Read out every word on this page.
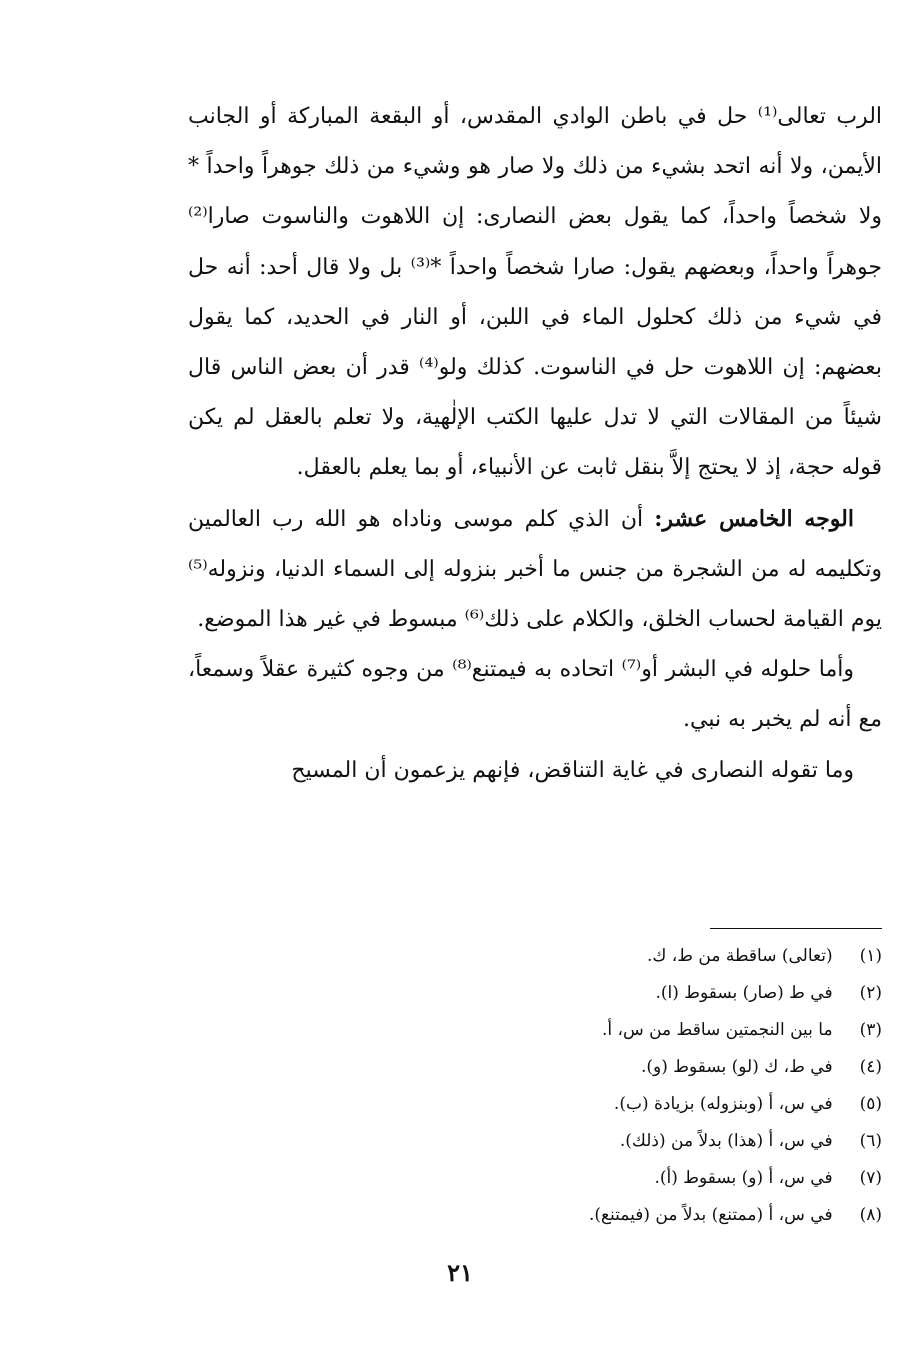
الرب تعالى⁽¹⁾ حل في باطن الوادي المقدس، أو البقعة المباركة أو الجانب الأيمن، ولا أنه اتحد بشيء من ذلك ولا صار هو وشيء من ذلك جوهراً واحداً * ولا شخصاً واحداً، كما يقول بعض النصارى: إن اللاهوت والناسوت صارا⁽²⁾ جوهراً واحداً، وبعضهم يقول: صارا شخصاً واحداً *⁽³⁾ بل ولا قال أحد: أنه حل في شيء من ذلك كحلول الماء في اللبن، أو النار في الحديد، كما يقول بعضهم: إن اللاهوت حل في الناسوت. كذلك ولو⁽⁴⁾ قدر أن بعض الناس قال شيئاً من المقالات التي لا تدل عليها الكتب الإلٰهية، ولا تعلم بالعقل لم يكن قوله حجة، إذ لا يحتج إلاَّ بنقل ثابت عن الأنبياء، أو بما يعلم بالعقل.

الوجه الخامس عشر: أن الذي كلم موسى وناداه هو الله رب العالمين وتكليمه له من الشجرة من جنس ما أخبر بنزوله إلى السماء الدنيا، ونزوله⁽⁵⁾ يوم القيامة لحساب الخلق، والكلام على ذلك⁽⁶⁾ مبسوط في غير هذا الموضع.

وأما حلوله في البشر أو⁽⁷⁾ اتحاده به فيمتنع⁽⁸⁾ من وجوه كثيرة عقلاً وسمعاً، مع أنه لم يخبر به نبي.

وما تقوله النصارى في غاية التناقض، فإنهم يزعمون أن المسيح

(١) (تعالى) ساقطة من ط، ك.
(٢) في ط (صار) بسقوط (ا).
(٣) ما بين النجمتين ساقط من س، أ.
(٤) في ط، ك (لو) بسقوط (و).
(٥) في س، أ (وبنزوله) بزيادة (ب).
(٦) في س، أ (هذا) بدلاً من (ذلك).
(٧) في س، أ (و) بسقوط (أ).
(٨) في س، أ (ممتنع) بدلاً من (فيمتنع).
٢١
